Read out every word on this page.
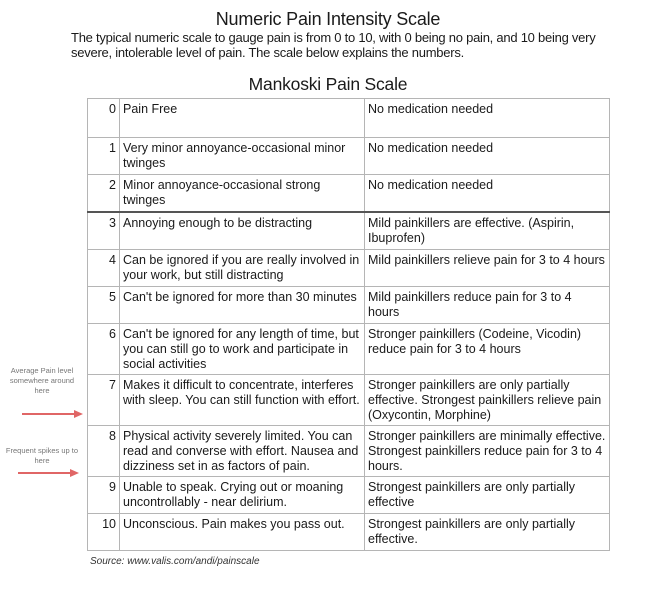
Numeric Pain Intensity Scale
The typical numeric scale to gauge pain is from 0 to 10, with 0 being no pain, and 10 being very severe, intolerable level of pain. The scale below explains the numbers.
Mankoski Pain Scale
0	Pain Free	No medication needed
1	Very minor annoyance-occasional minor twinges	No medication needed
2	Minor annoyance-occasional strong twinges	No medication needed
3	Annoying enough to be distracting	Mild painkillers are effective. (Aspirin, Ibuprofen)
4	Can be ignored if you are really involved in your work, but still distracting	Mild painkillers relieve pain for 3 to 4 hours
5	Can't be ignored for more than 30 minutes	Mild painkillers reduce pain for 3 to 4 hours
6	Can't be ignored for any length of time, but you can still go to work and participate in social activities	Stronger painkillers (Codeine, Vicodin) reduce pain for 3 to 4 hours
7	Makes it difficult to concentrate, interferes with sleep. You can still function with effort.	Stronger painkillers are only partially effective. Strongest painkillers relieve pain (Oxycontin, Morphine)
8	Physical activity severely limited. You can read and converse with effort. Nausea and dizziness set in as factors of pain.	Stronger painkillers are minimally effective. Strongest painkillers reduce pain for 3 to 4 hours.
9	Unable to speak. Crying out or moaning uncontrollably - near delirium.	Strongest painkillers are only partially effective
10	Unconscious. Pain makes you pass out.	Strongest painkillers are only partially effective.
Average Pain level somewhere around here
Frequent spikes up to here
Source: www.valis.com/andi/painscale
